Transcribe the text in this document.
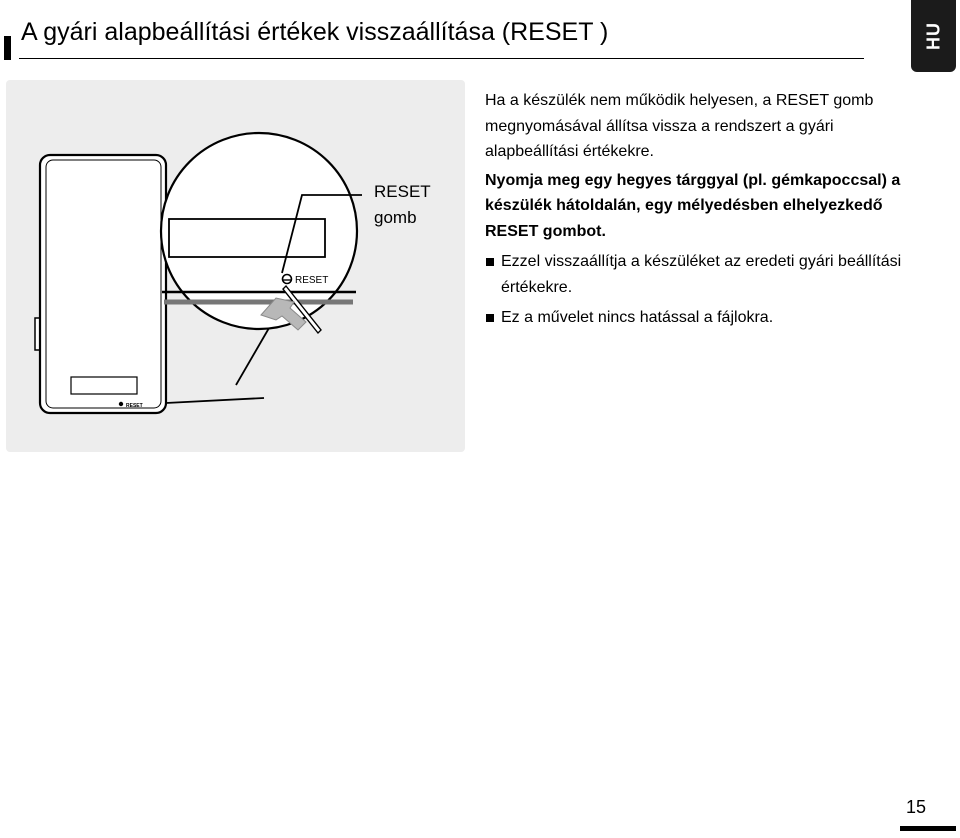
A gyári alapbeállítási értékek visszaállítása (RESET )	HU
RESET
RESET
RESET
gomb

Ha a készülék nem működik helyesen, a RESET gomb megnyomásával állítsa vissza a rendszert a gyári alapbeállítási értékekre.

Nyomja meg egy hegyes tárggyal (pl. gémkapoccsal) a készülék hátoldalán, egy mélyedésben elhelyezkedő RESET gombot.

Ezzel visszaállítja a készüléket az eredeti gyári beállítási értékekre.

Ez a művelet nincs hatással a fájlokra.

15
